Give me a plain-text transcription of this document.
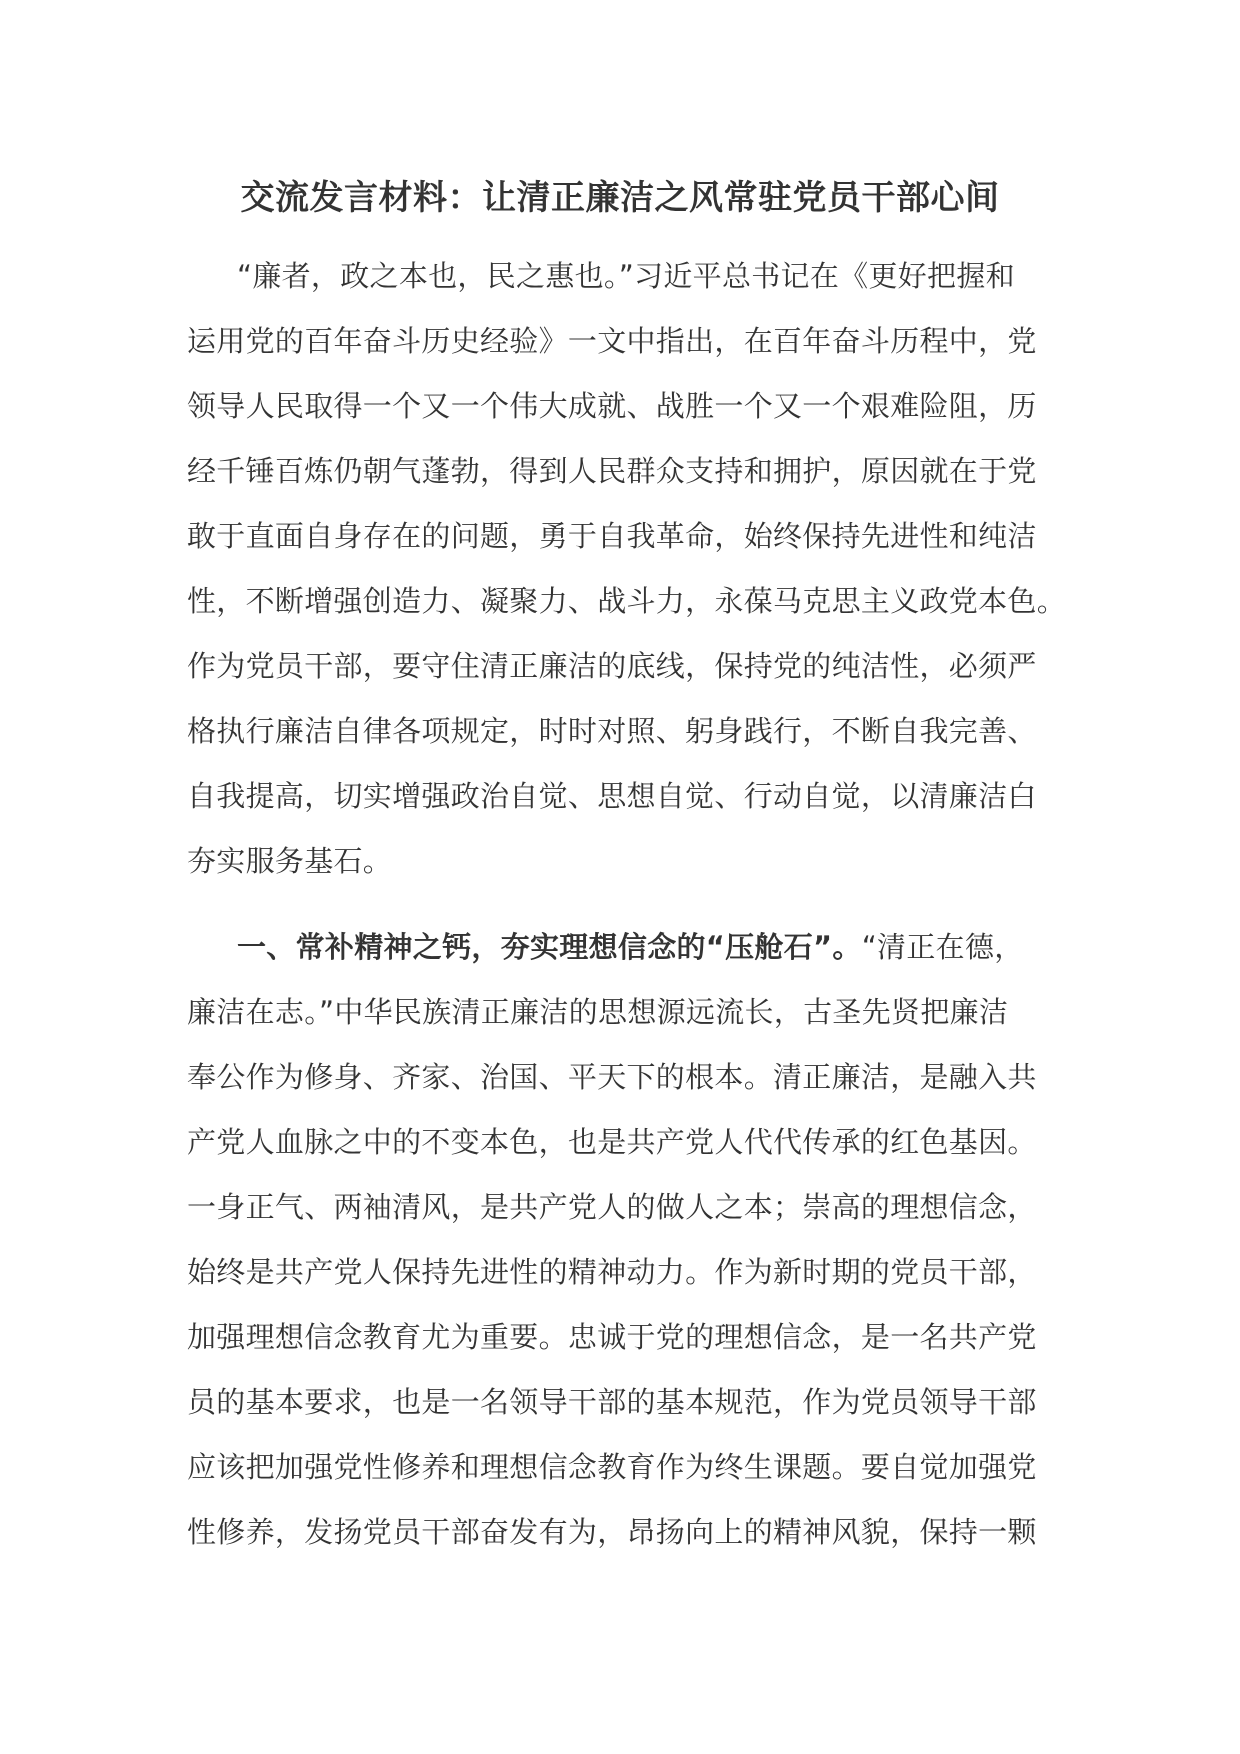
交流发言材料：让清正廉洁之风常驻党员干部心间
“廉者，政之本也，民之惠也。”习近平总书记在《更好把握和
运用党的百年奋斗历史经验》一文中指出，在百年奋斗历程中，党
领导人民取得一个又一个伟大成就、战胜一个又一个艰难险阻，历
经千锤百炼仍朝气蓬勃，得到人民群众支持和拥护，原因就在于党
敢于直面自身存在的问题，勇于自我革命，始终保持先进性和纯洁
性，不断增强创造力、凝聚力、战斗力，永葆马克思主义政党本色。
作为党员干部，要守住清正廉洁的底线，保持党的纯洁性，必须严
格执行廉洁自律各项规定，时时对照、躬身践行，不断自我完善、
自我提高，切实增强政治自觉、思想自觉、行动自觉，以清廉洁白
夯实服务基石。
一、常补精神之钙，夯实理想信念的“压舱石”。“清正在德，
廉洁在志。”中华民族清正廉洁的思想源远流长，古圣先贤把廉洁
奉公作为修身、齐家、治国、平天下的根本。清正廉洁，是融入共
产党人血脉之中的不变本色，也是共产党人代代传承的红色基因。
一身正气、两袖清风，是共产党人的做人之本；崇高的理想信念，
始终是共产党人保持先进性的精神动力。作为新时期的党员干部，
加强理想信念教育尤为重要。忠诚于党的理想信念，是一名共产党
员的基本要求，也是一名领导干部的基本规范，作为党员领导干部
应该把加强党性修养和理想信念教育作为终生课题。要自觉加强党
性修养，发扬党员干部奋发有为，昂扬向上的精神风貌，保持一颗
